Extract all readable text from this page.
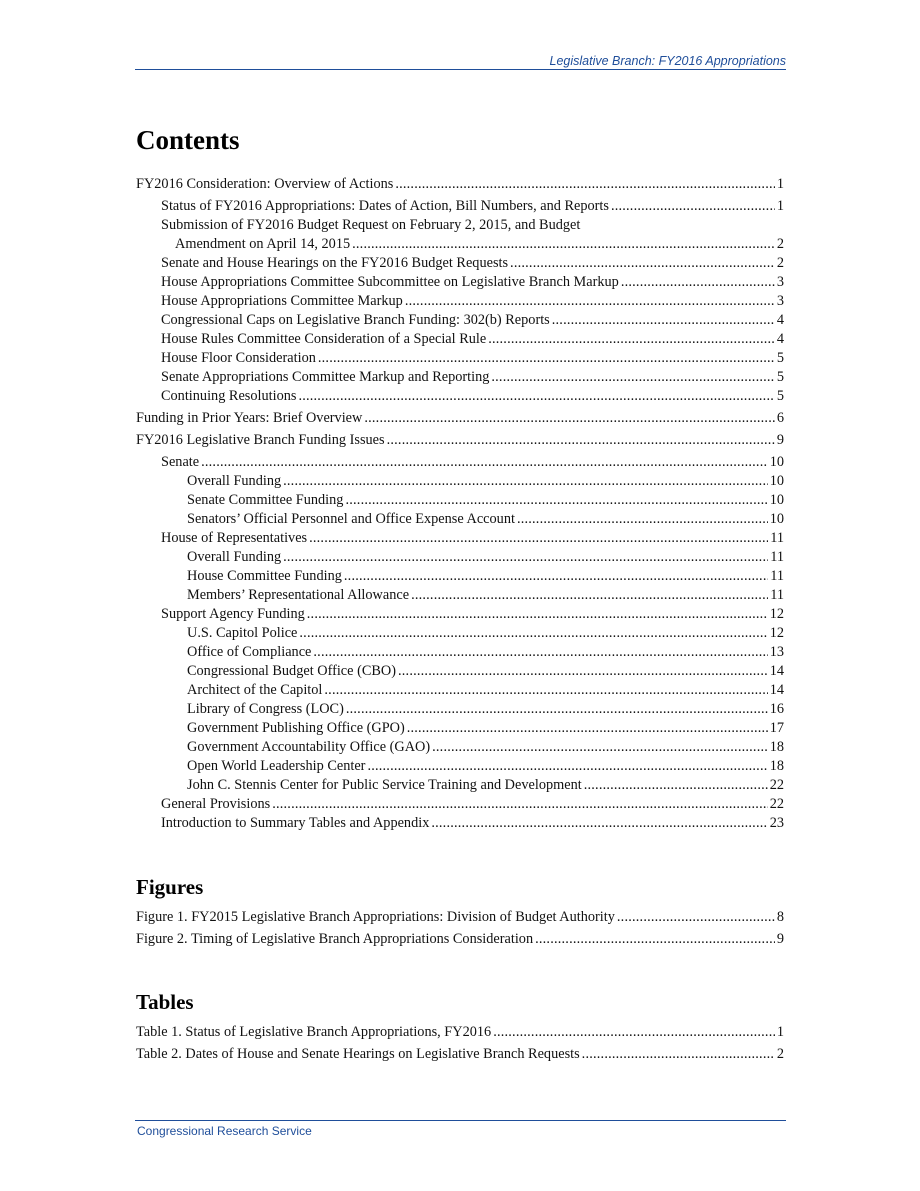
Legislative Branch: FY2016 Appropriations
Contents
FY2016 Consideration: Overview of Actions .....	1
Status of FY2016 Appropriations: Dates of Action, Bill Numbers, and Reports .....	1
Submission of FY2016 Budget Request on February 2, 2015, and Budget
Amendment on April 14, 2015 .....	2
Senate and House Hearings on the FY2016 Budget Requests .....	2
House Appropriations Committee Subcommittee on Legislative Branch Markup .....	3
House Appropriations Committee Markup .....	3
Congressional Caps on Legislative Branch Funding: 302(b) Reports .....	4
House Rules Committee Consideration of a Special Rule .....	4
House Floor Consideration .....	5
Senate Appropriations Committee Markup and Reporting .....	5
Continuing Resolutions .....	5
Funding in Prior Years: Brief Overview .....	6
FY2016 Legislative Branch Funding Issues .....	9
Senate .....	10
Overall Funding .....	10
Senate Committee Funding .....	10
Senators’ Official Personnel and Office Expense Account .....	10
House of Representatives .....	11
Overall Funding .....	11
House Committee Funding .....	11
Members’ Representational Allowance .....	11
Support Agency Funding .....	12
U.S. Capitol Police .....	12
Office of Compliance .....	13
Congressional Budget Office (CBO) .....	14
Architect of the Capitol .....	14
Library of Congress (LOC) .....	16
Government Publishing Office (GPO) .....	17
Government Accountability Office (GAO) .....	18
Open World Leadership Center .....	18
John C. Stennis Center for Public Service Training and Development .....	22
General Provisions .....	22
Introduction to Summary Tables and Appendix .....	23
Figures
Figure 1. FY2015 Legislative Branch Appropriations: Division of Budget Authority .....	8
Figure 2. Timing of Legislative Branch Appropriations Consideration .....	9
Tables
Table 1. Status of Legislative Branch Appropriations, FY2016 .....	1
Table 2. Dates of House and Senate Hearings on Legislative Branch Requests .....	2
Congressional Research Service
